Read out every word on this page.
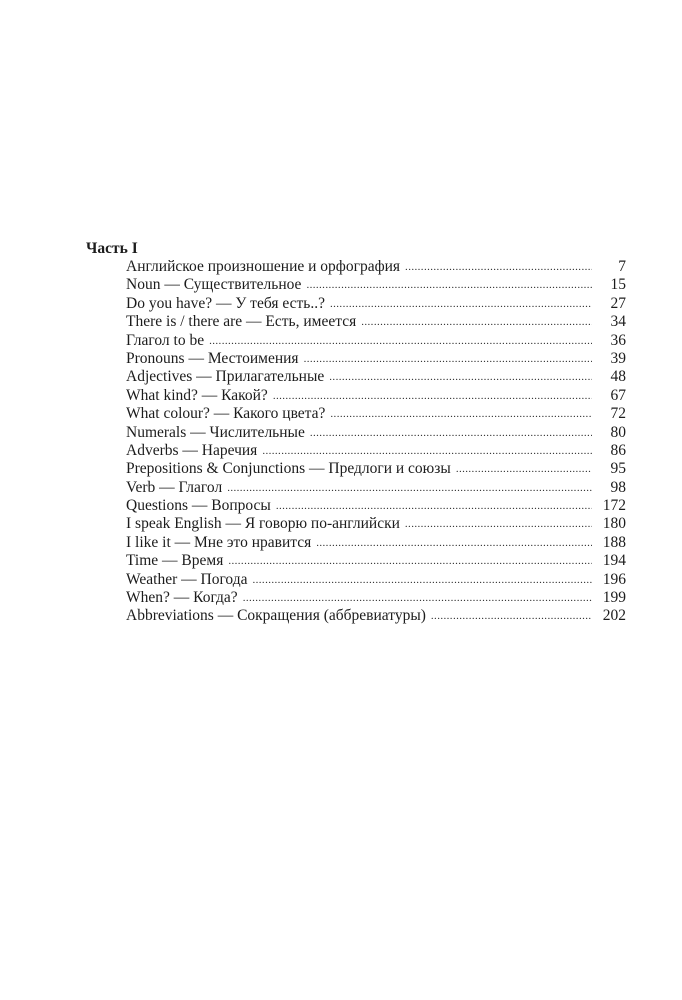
Часть I
Английское произношение и орфография .....	7
Noun — Существительное .....	15
Do you have? — У тебя есть..? .....	27
There is / there are — Есть, имеется .....	34
Глагол to be .....	36
Pronouns — Местоимения .....	39
Adjectives — Прилагательные .....	48
What kind? — Какой? .....	67
What colour? — Какого цвета? .....	72
Numerals — Числительные .....	80
Adverbs — Наречия .....	86
Prepositions & Conjunctions — Предлоги и союзы .....	95
Verb — Глагол .....	98
Questions — Вопросы .....	172
I speak English — Я говорю по-английски .....	180
I like it — Мне это нравится .....	188
Time — Время .....	194
Weather — Погода .....	196
When? — Когда? .....	199
Abbreviations — Сокращения (аббревиатуры) .....	202
